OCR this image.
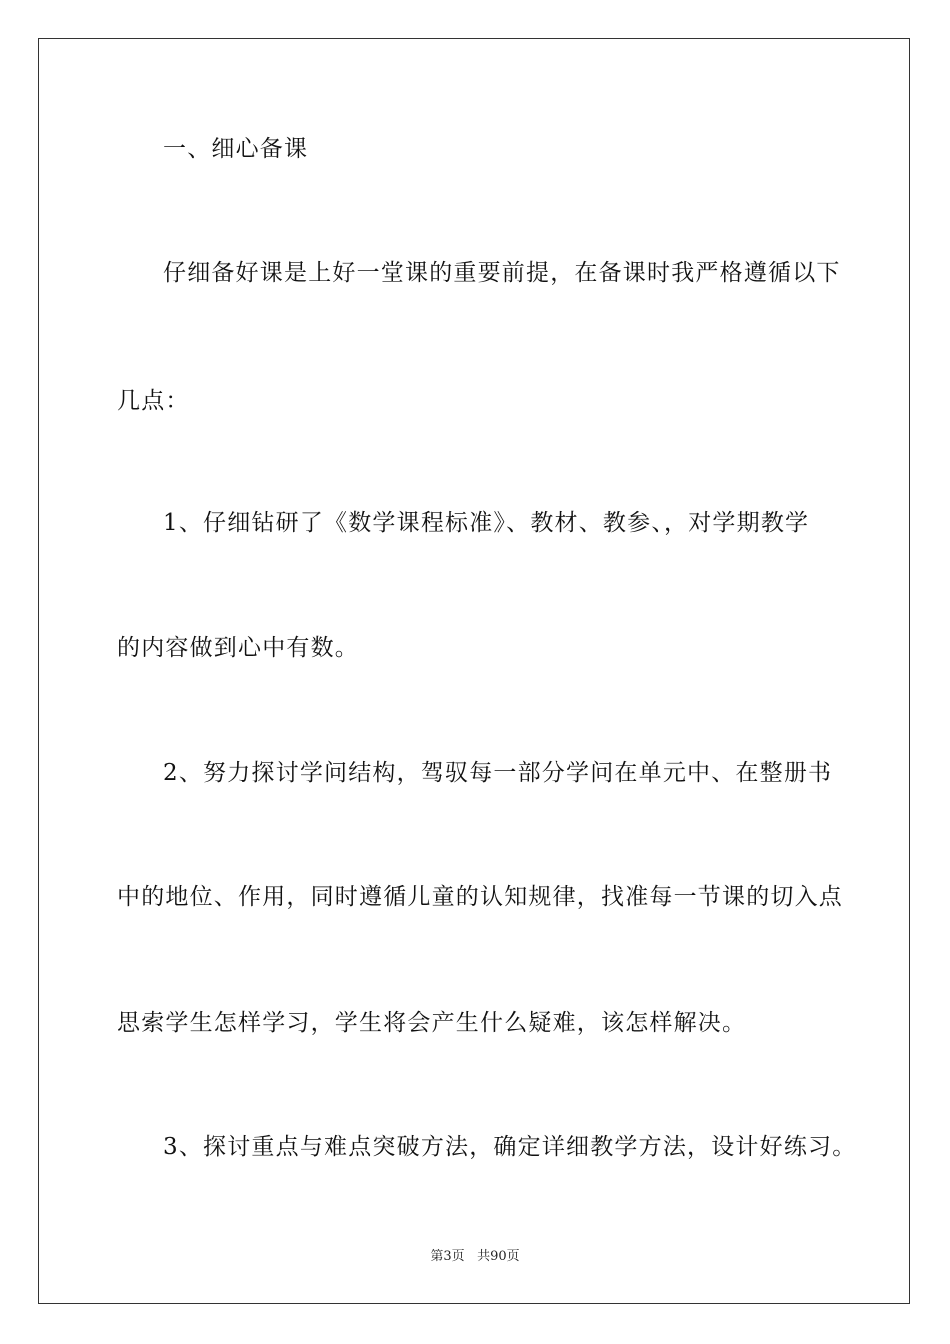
一、细心备课
仔细备好课是上好一堂课的重要前提，在备课时我严格遵循以下
几点：
1、仔细钻研了《数学课程标准》、教材、教参、，对学期教学
的内容做到心中有数。
2、努力探讨学问结构，驾驭每一部分学问在单元中、在整册书
中的地位、作用，同时遵循儿童的认知规律，找准每一节课的切入点
思索学生怎样学习，学生将会产生什么疑难，该怎样解决。
3、探讨重点与难点突破方法，确定详细教学方法，设计好练习。
第3页 共90页
